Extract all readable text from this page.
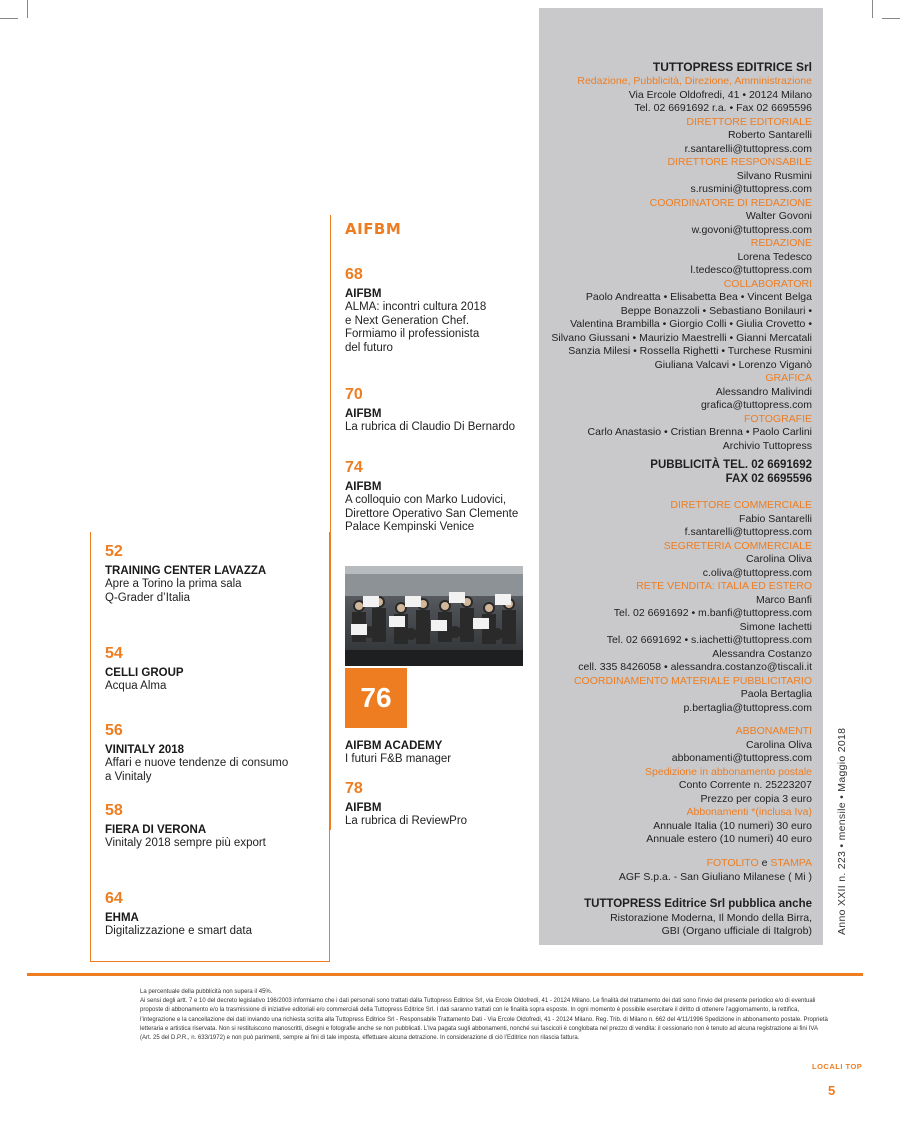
52
TRAINING CENTER LAVAZZA
Apre a Torino la prima sala
Q-Grader d’Italia
54
CELLI GROUP
Acqua Alma
56
VINITALY 2018
Affari e nuove tendenze di consumo
a Vinitaly
58
FIERA DI VERONA
Vinitaly 2018 sempre più export
64
EHMA
Digitalizzazione e smart data
AIFBM
68
AIFBM
ALMA: incontri cultura 2018
e Next Generation Chef.
Formiamo il professionista
del futuro
70
AIFBM
La rubrica di Claudio Di Bernardo
74
AIFBM
A colloquio con Marko Ludovici,
Direttore Operativo San Clemente
Palace Kempinski Venice
76
AIFBM ACADEMY
I futuri F&B manager
78
AIFBM
La rubrica di ReviewPro
TUTTOPRESS EDITRICE Srl
Redazione, Pubblicità, Direzione, Amministrazione
Via Ercole Oldofredi, 41 • 20124 Milano
Tel. 02 6691692 r.a. • Fax 02 6695596
DIRETTORE EDITORIALE
Roberto Santarelli
r.santarelli@tuttopress.com
DIRETTORE RESPONSABILE
Silvano Rusmini
s.rusmini@tuttopress.com
COORDINATORE DI REDAZIONE
Walter Govoni
w.govoni@tuttopress.com
REDAZIONE
Lorena Tedesco
l.tedesco@tuttopress.com
COLLABORATORI
Paolo Andreatta • Elisabetta Bea • Vincent Belga
Beppe Bonazzoli • Sebastiano Bonilauri •
Valentina Brambilla • Giorgio Colli • Giulia Crovetto •
Silvano Giussani • Maurizio Maestrelli • Gianni Mercatali
Sanzia Milesi • Rossella Righetti • Turchese Rusmini
Giuliana Valcavi • Lorenzo Viganò
GRAFICA
Alessandro Malivindi
grafica@tuttopress.com
FOTOGRAFIE
Carlo Anastasio • Cristian Brenna • Paolo Carlini
Archivio Tuttopress
PUBBLICITÀ TEL. 02 6691692
FAX 02 6695596
DIRETTORE COMMERCIALE
Fabio Santarelli
f.santarelli@tuttopress.com
SEGRETERIA COMMERCIALE
Carolina Oliva
c.oliva@tuttopress.com
RETE VENDITA: ITALIA ED ESTERO
Marco Banfi
Tel. 02 6691692 • m.banfi@tuttopress.com
Simone Iachetti
Tel. 02 6691692 • s.iachetti@tuttopress.com
Alessandra Costanzo
cell. 335 8426058 • alessandra.costanzo@tiscali.it
COORDINAMENTO MATERIALE PUBBLICITARIO
Paola Bertaglia
p.bertaglia@tuttopress.com
ABBONAMENTI
Carolina Oliva
abbonamenti@tuttopress.com
Spedizione in abbonamento postale
Conto Corrente n. 25223207
Prezzo per copia 3 euro
Abbonamenti *(inclusa Iva)
Annuale Italia (10 numeri) 30 euro
Annuale estero (10 numeri) 40 euro
FOTOLITO e STAMPA
AGF S.p.a. - San Giuliano Milanese ( Mi )
TUTTOPRESS Editrice Srl pubblica anche
Ristorazione Moderna, Il Mondo della Birra,
GBI (Organo ufficiale di Italgrob) Anno XXII n. 223 • mensile • Maggio 2018
La percentuale della pubblicità non supera il 45%.
Ai sensi degli artt. 7 e 10 del decreto legislativo 196/2003 informiamo che i dati personali sono trattati dalla Tuttopress Editrice Srl, via Ercole Oldofredi, 41 - 20124 Milano. Le finalità del trattamento dei dati sono l’invio del presente periodico e/o di eventuali proposte di abbonamento e/o la trasmissione di iniziative editoriali e/o commerciali della Tuttopress Editrice Srl. I dati saranno trattati con le finalità sopra esposte. In ogni momento è possibile esercitare il diritto di ottenere l’aggiornamento, la rettifica, l’integrazione e la cancellazione dei dati inviando una richiesta scritta alla Tuttopress Editrice Srl - Responsabile Trattamento Dati - Via Ercole Oldofredi, 41 - 20124 Milano. Reg. Trib. di Milano n. 662 del 4/11/1996 Spedizione in abbonamento postale. Proprietà letteraria e artistica riservata. Non si restituiscono manoscritti, disegni e fotografie anche se non pubblicati. L’Iva pagata sugli abbonamenti, nonché sui fascicoli è conglobata nel prezzo di vendita: il cessionario non è tenuto ad alcuna registrazione ai fini IVA (Art. 25 del D.P.R., n. 633/1972) e non può parimenti, sempre ai fini di tale imposta, effettuare alcuna detrazione. In considerazione di ciò l’Editrice non rilascia fattura.
LOCALI TOP
5
